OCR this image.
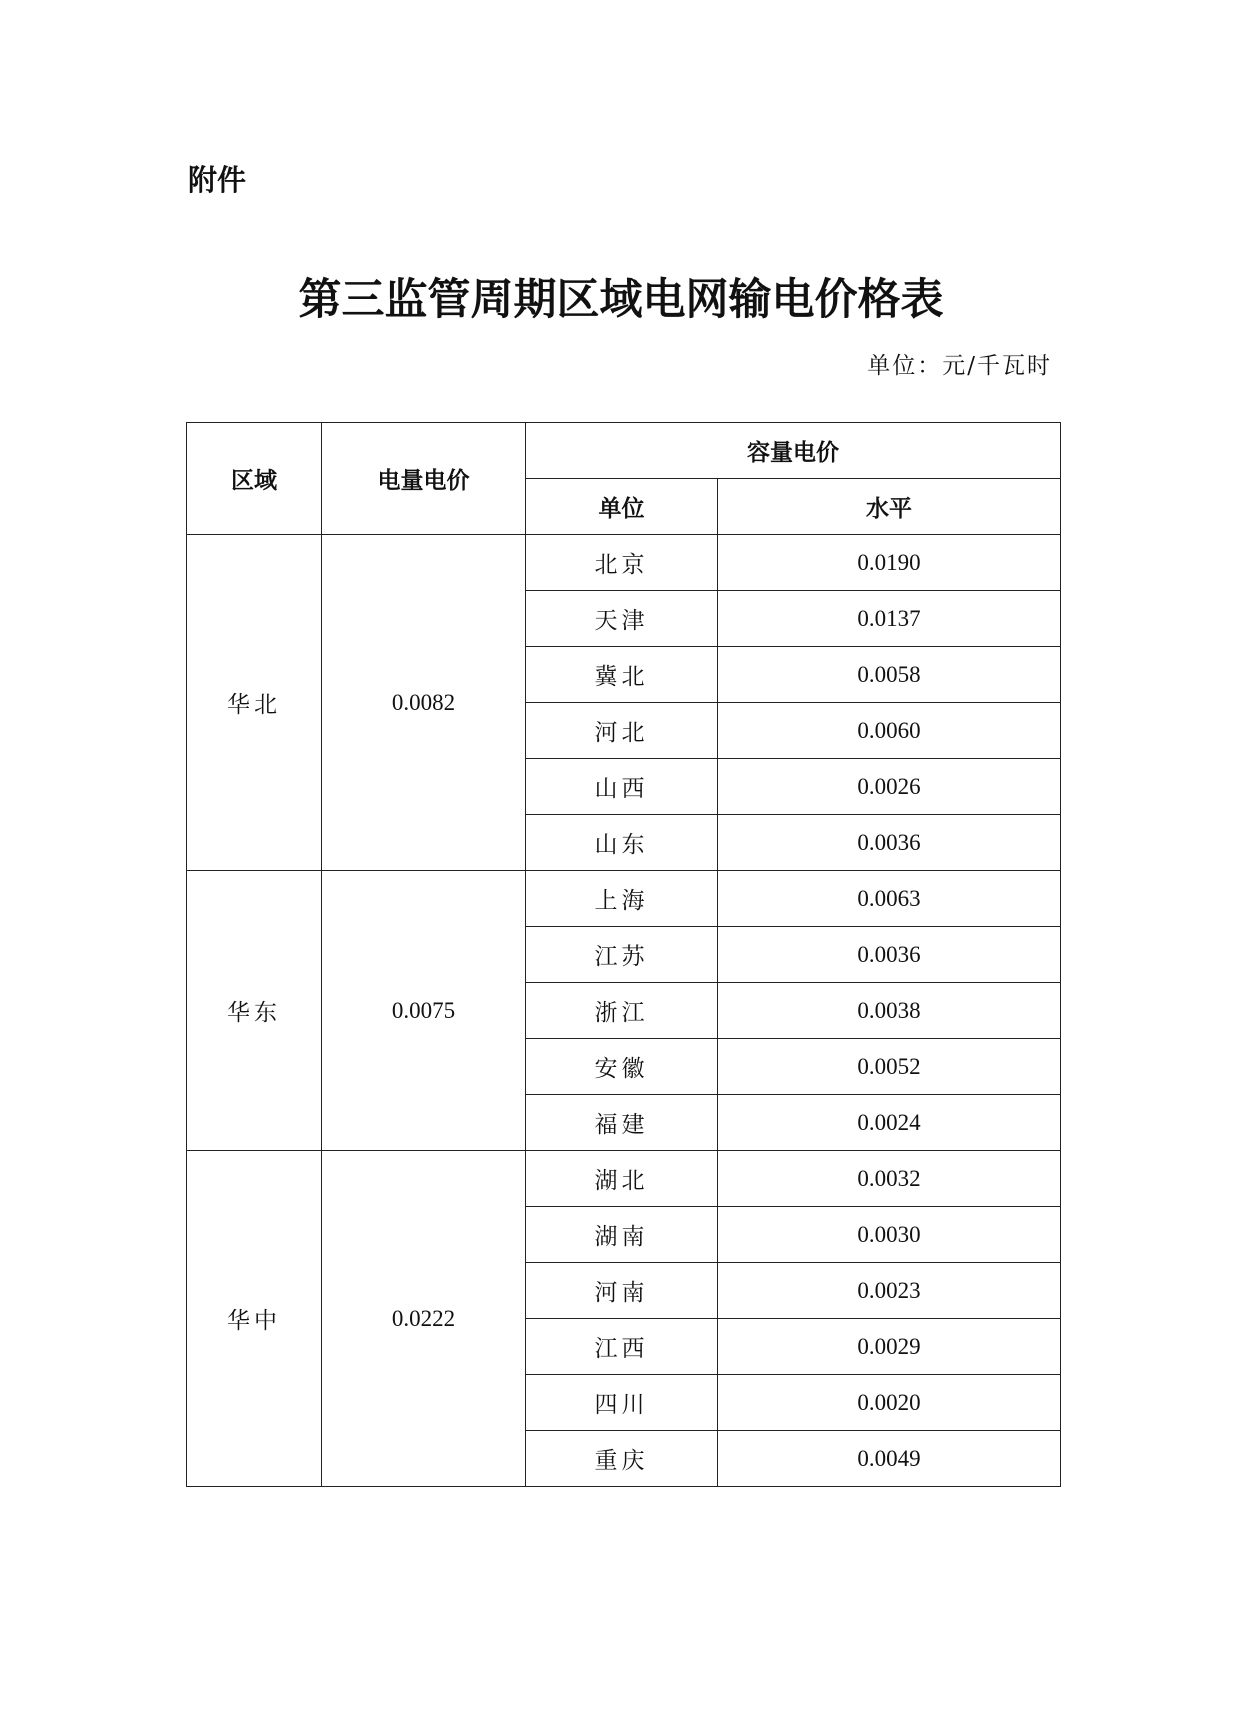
附件
第三监管周期区域电网输电价格表
单位：元/千瓦时
区域	电量电价	容量电价	
		单位	水平
华北	0.0082	北京	0.0190
		天津	0.0137
		冀北	0.0058
		河北	0.0060
		山西	0.0026
		山东	0.0036
华东	0.0075	上海	0.0063
		江苏	0.0036
		浙江	0.0038
		安徽	0.0052
		福建	0.0024
华中	0.0222	湖北	0.0032
		湖南	0.0030
		河南	0.0023
		江西	0.0029
		四川	0.0020
		重庆	0.0049
